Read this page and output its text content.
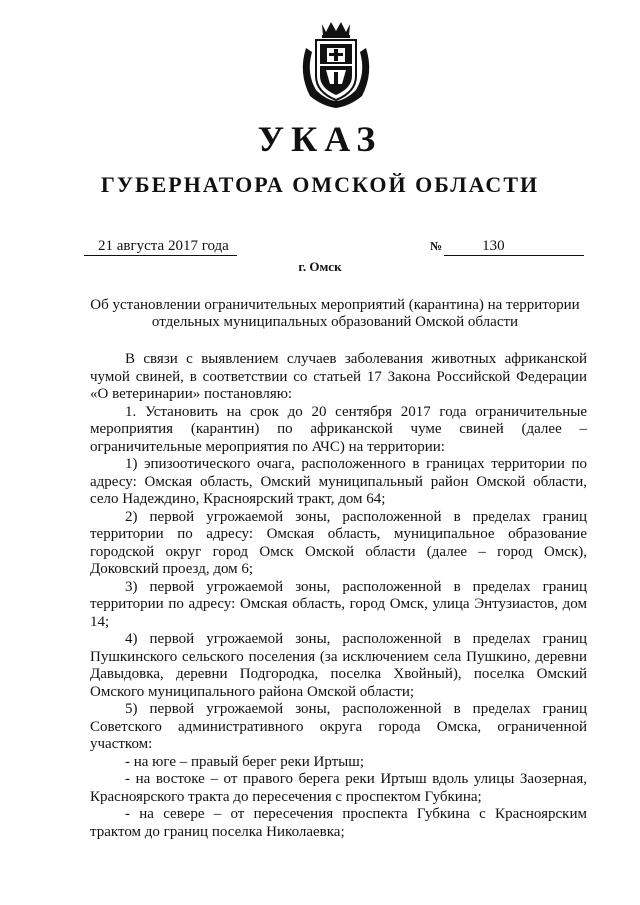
УКАЗ
ГУБЕРНАТОРА ОМСКОЙ ОБЛАСТИ
21 августа 2017 года	№	130
г. Омск
Об установлении ограничительных мероприятий (карантина) на территории отдельных муниципальных образований Омской области

В связи с выявлением случаев заболевания животных африканской чумой свиней, в соответствии со статьей 17 Закона Российской Федерации «О ветеринарии» постановляю:

1. Установить на срок до 20 сентября 2017 года ограничительные мероприятия (карантин) по африканской чуме свиней (далее – ограничительные мероприятия по АЧС) на территории:

1) эпизоотического очага, расположенного в границах территории по адресу: Омская область, Омский муниципальный район Омской области, село Надеждино, Красноярский тракт, дом 64;

2) первой угрожаемой зоны, расположенной в пределах границ территории по адресу: Омская область, муниципальное образование городской округ город Омск Омской области (далее – город Омск), Доковский проезд, дом 6;

3) первой угрожаемой зоны, расположенной в пределах границ территории по адресу: Омская область, город Омск, улица Энтузиастов, дом 14;

4) первой угрожаемой зоны, расположенной в пределах границ Пушкинского сельского поселения (за исключением села Пушкино, деревни Давыдовка, деревни Подгородка, поселка Хвойный), поселка Омский Омского муниципального района Омской области;

5) первой угрожаемой зоны, расположенной в пределах границ Советского административного округа города Омска, ограниченной участком:

- на юге – правый берег реки Иртыш;

- на востоке – от правого берега реки Иртыш вдоль улицы Заозерная, Красноярского тракта до пересечения с проспектом Губкина;

- на севере – от пересечения проспекта Губкина с Красноярским трактом до границ поселка Николаевка;
